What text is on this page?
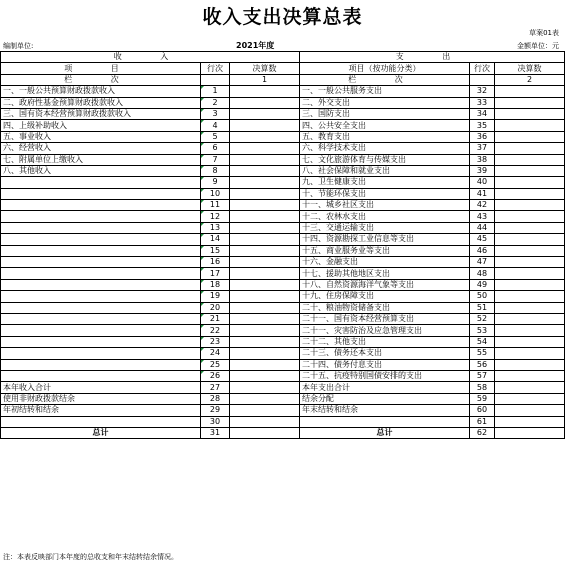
收入支出决算总表
草案01表
编制单位:	2021年度	金额单位：元
收 入			支 出		
项 目	行次	决算数	项目（按功能分类）	行次	决算数
栏 次		1	栏 次		2
一、一般公共预算财政拨款收入	1		一、一般公共服务支出	32	
二、政府性基金预算财政拨款收入	2		二、外交支出	33	
三、国有资本经营预算财政拨款收入	3		三、国防支出	34	
四、上级补助收入	4		四、公共安全支出	35	
五、事业收入	5		五、教育支出	36	
六、经营收入	6		六、科学技术支出	37	
七、附属单位上缴收入	7		七、文化旅游体育与传媒支出	38	
八、其他收入	8		八、社会保障和就业支出	39	
	9		九、卫生健康支出	40	
	10		十、节能环保支出	41	
	11		十一、城乡社区支出	42	
	12		十二、农林水支出	43	
	13		十三、交通运输支出	44	
	14		十四、资源勘探工业信息等支出	45	
	15		十五、商业服务业等支出	46	
	16		十六、金融支出	47	
	17		十七、援助其他地区支出	48	
	18		十八、自然资源海洋气象等支出	49	
	19		十九、住房保障支出	50	
	20		二十、粮油物资储备支出	51	
	21		二十一、国有资本经营预算支出	52	
	22		二十一、灾害防治及应急管理支出	53	
	23		二十二、其他支出	54	
	24		二十三、债务还本支出	55	
	25		二十四、债务付息支出	56	
	26		二十五、抗疫特别国债安排的支出	57	
本年收入合计	27		本年支出合计	58	
使用非财政拨款结余	28		结余分配	59	
年初结转和结余	29		年末结转和结余	60	
	30			61	
总计	31		总计	62	
注：本表反映部门本年度的总收支和年末结转结余情况。
